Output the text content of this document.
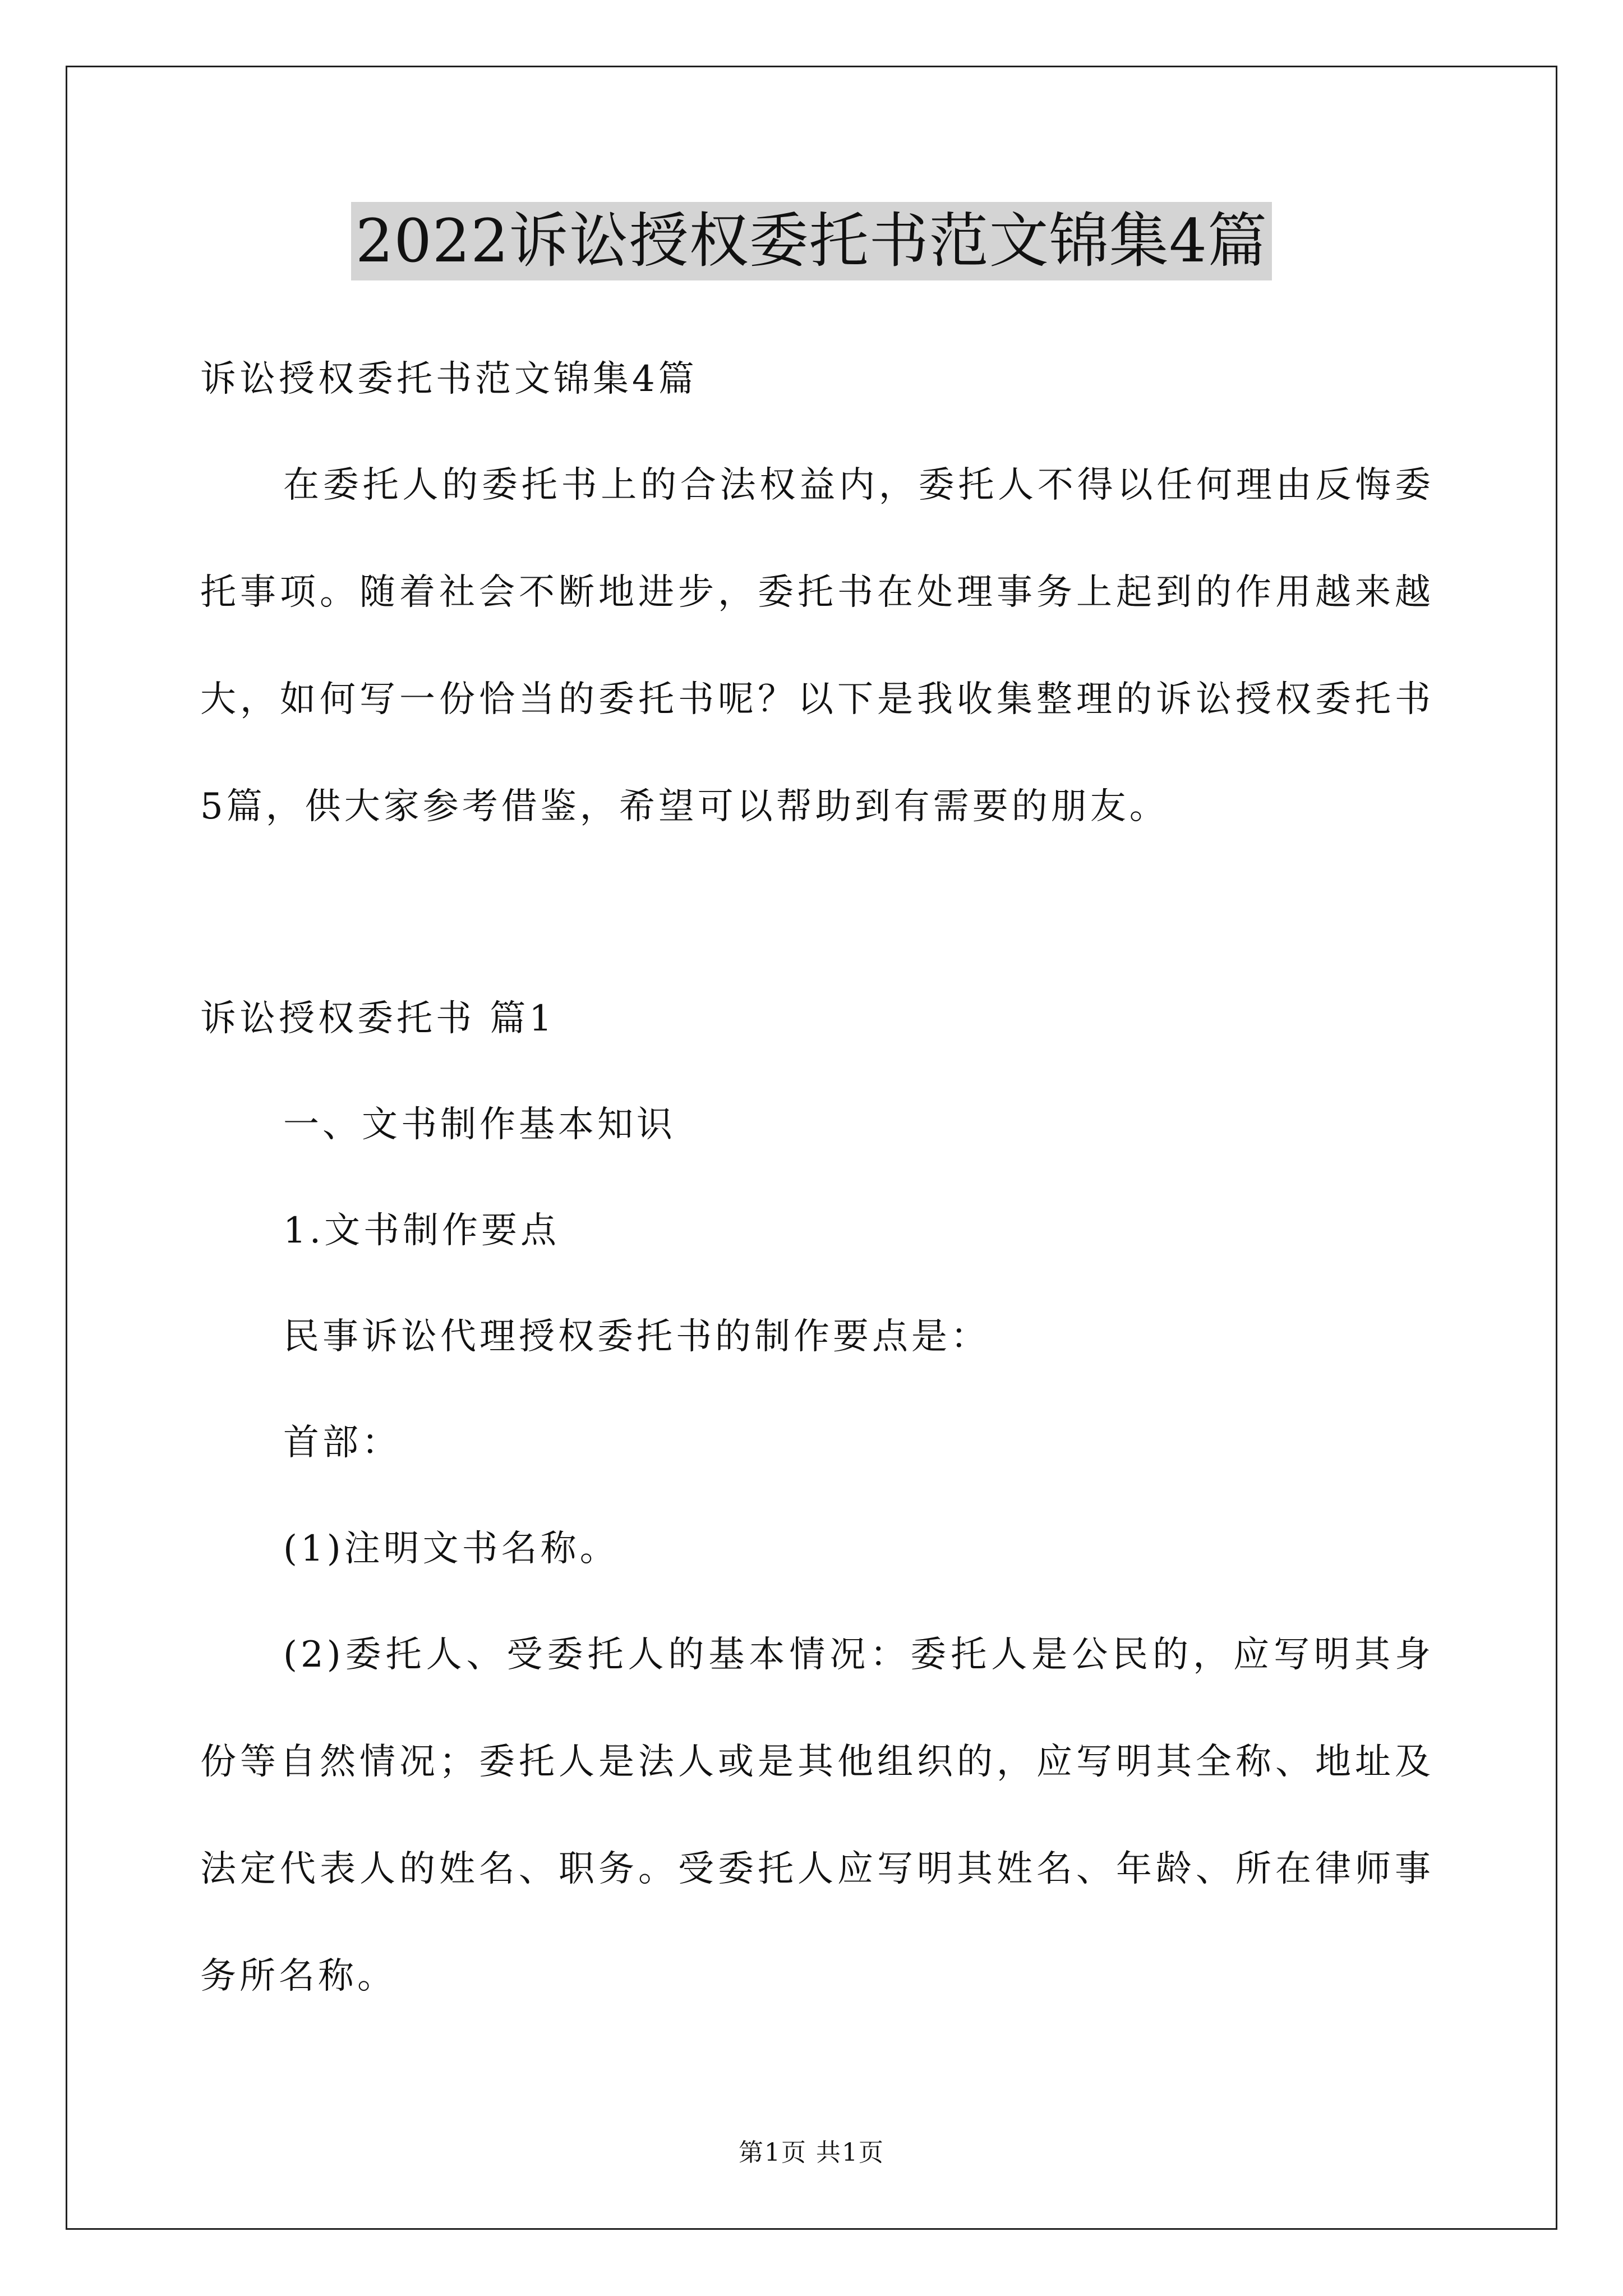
2022诉讼授权委托书范文锦集4篇

诉讼授权委托书范文锦集4篇

在委托人的委托书上的合法权益内，委托人不得以任何理由反悔委托事项。随着社会不断地进步，委托书在处理事务上起到的作用越来越大，如何写一份恰当的委托书呢？以下是我收集整理的诉讼授权委托书5篇，供大家参考借鉴，希望可以帮助到有需要的朋友。

诉讼授权委托书 篇1

一、文书制作基本知识

1.文书制作要点

民事诉讼代理授权委托书的制作要点是：

首部：

(1)注明文书名称。

(2)委托人、受委托人的基本情况：委托人是公民的，应写明其身份等自然情况；委托人是法人或是其他组织的，应写明其全称、地址及法定代表人的姓名、职务。受委托人应写明其姓名、年龄、所在律师事务所名称。

第1页 共1页
